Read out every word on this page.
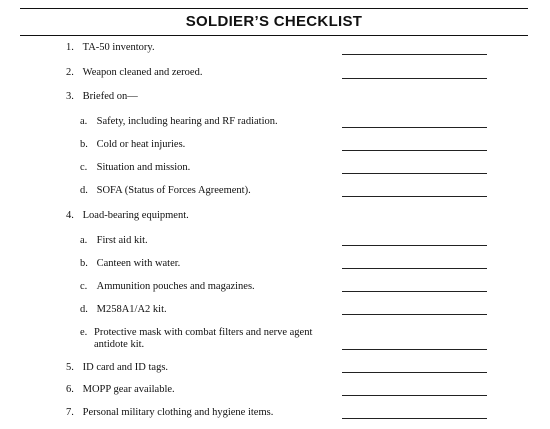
SOLDIER’S CHECKLIST
1. TA-50 inventory.
2. Weapon cleaned and zeroed.
3. Briefed on—
a. Safety, including hearing and RF radiation.
b. Cold or heat injuries.
c. Situation and mission.
d. SOFA (Status of Forces Agreement).
4. Load-bearing equipment.
a. First aid kit.
b. Canteen with water.
c. Ammunition pouches and magazines.
d. M258A1/A2 kit.
e. Protective mask with combat filters and nerve agent antidote kit.
5. ID card and ID tags.
6. MOPP gear available.
7. Personal military clothing and hygiene items.
